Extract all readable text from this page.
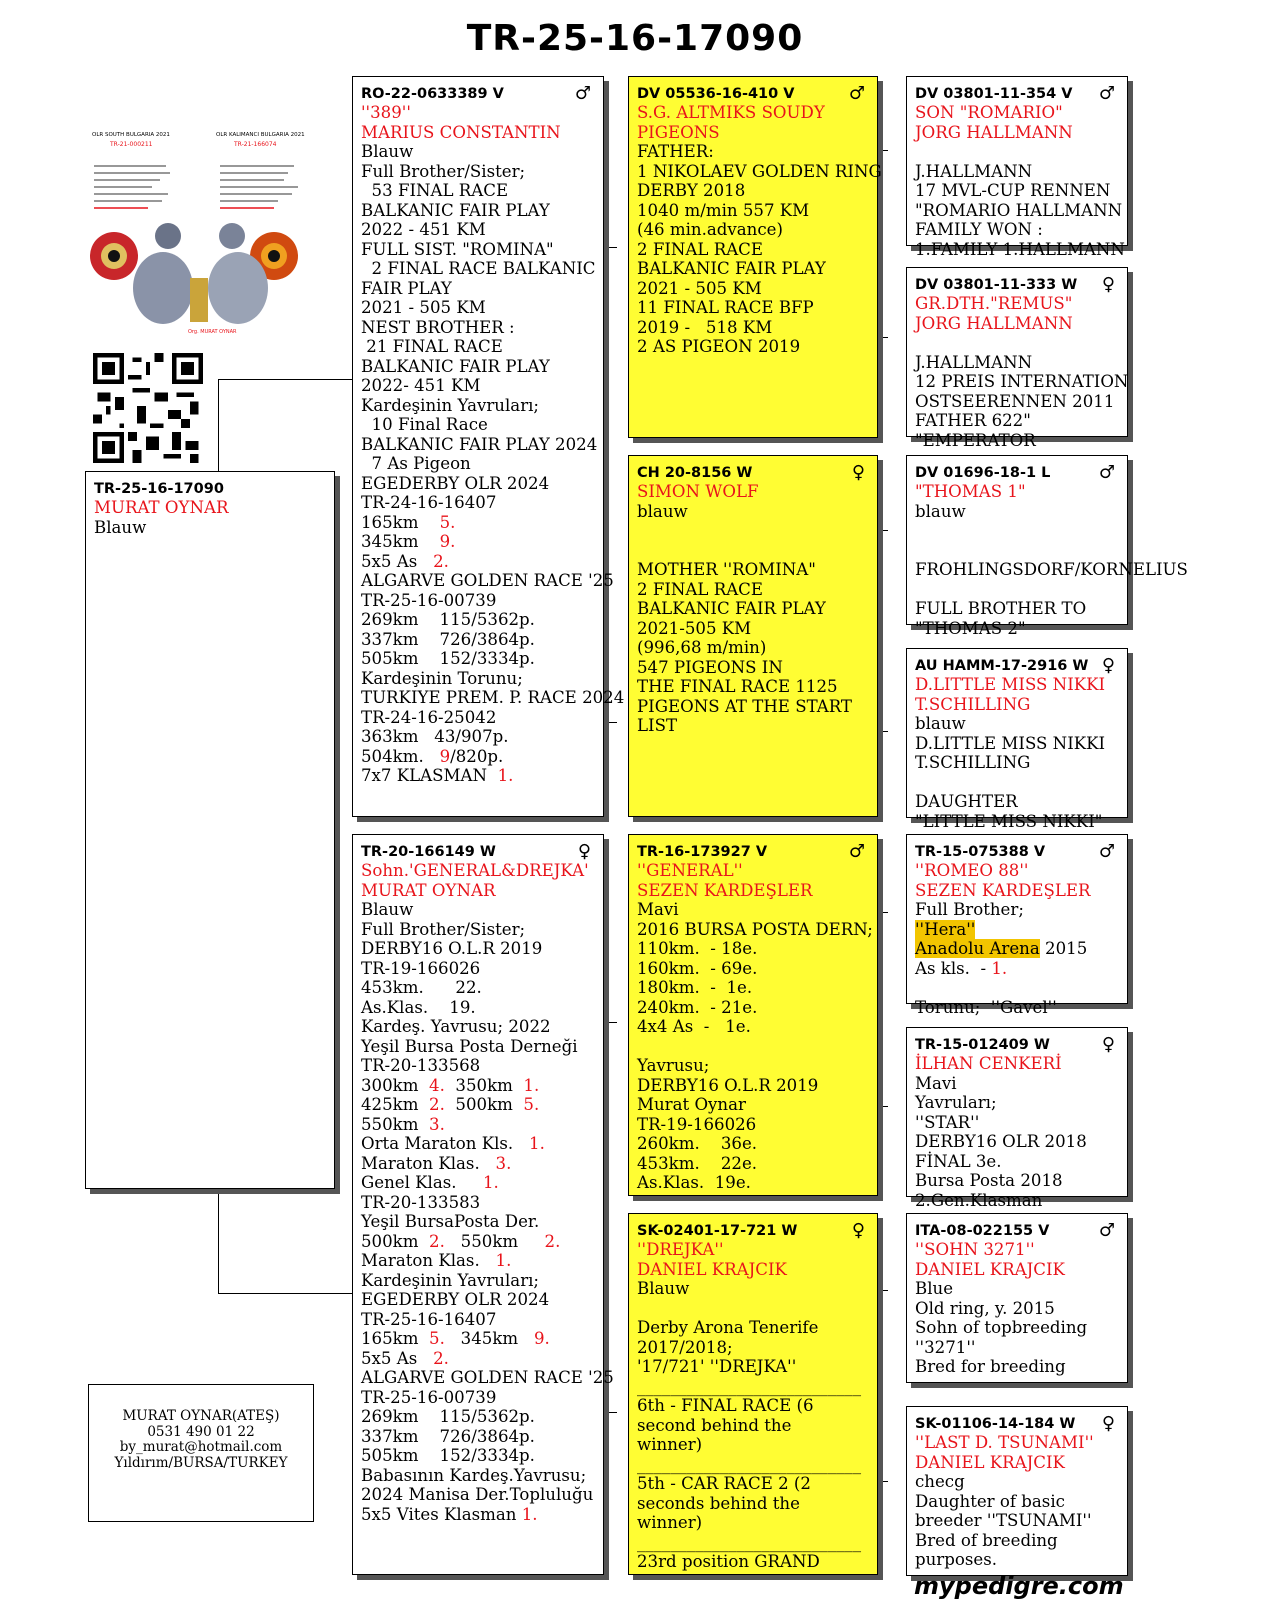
TR-25-16-17090
OLR SOUTH BULGARIA 2021
TR-21-000211
OLR KALIMANCI BULGARIA 2021
TR-21-166074
Org. MURAT OYNAR
TR-25-16-17090
MURAT OYNAR
Blauw
RO-22-0633389 V	♂
''389''
MARIUS CONSTANTIN
Blauw
Full Brother/Sister;
53 FINAL RACE
BALKANIC FAIR PLAY
2022 - 451 KM
FULL SIST. "ROMINA"
2 FINAL RACE BALKANIC
FAIR PLAY
2021 - 505 KM
NEST BROTHER :
21 FINAL RACE
BALKANIC FAIR PLAY
2022- 451 KM
Kardeşinin Yavruları;
10 Final Race
BALKANIC FAIR PLAY 2024
7 As Pigeon
EGEDERBY OLR 2024
TR-24-16-16407
165km    5.
345km    9.
5x5 As   2.
ALGARVE GOLDEN RACE '25
TR-25-16-00739
269km    115/5362p.
337km    726/3864p.
505km    152/3334p.
Kardeşinin Torunu;
TURKIYE PREM. P. RACE 2024
TR-24-16-25042
363km   43/907p.
504km.   9/820p.
7x7 KLASMAN  1.
TR-20-166149 W	♀
Sohn.'GENERAL&DREJKA'
MURAT OYNAR
Blauw
Full Brother/Sister;
DERBY16 O.L.R 2019
TR-19-166026
453km.      22.
As.Klas.    19.
Kardeş. Yavrusu; 2022
Yeşil Bursa Posta Derneği
TR-20-133568
300km  4.  350km  1.
425km  2.  500km  5.
550km  3.
Orta Maraton Kls.   1.
Maraton Klas.   3.
Genel Klas.     1.
TR-20-133583
Yeşil BursaPosta Der.
500km  2.   550km     2.
Maraton Klas.   1.
Kardeşinin Yavruları;
EGEDERBY OLR 2024
TR-25-16-16407
165km  5.   345km   9.
5x5 As   2.
ALGARVE GOLDEN RACE '25
TR-25-16-00739
269km    115/5362p.
337km    726/3864p.
505km    152/3334p.
Babasının Kardeş.Yavrusu;
2024 Manisa Der.Topluluğu
5x5 Vites Klasman 1.
DV 05536-16-410 V	♂
S.G. ALTMIKS SOUDY
PIGEONS
FATHER:
1 NIKOLAEV GOLDEN RING
DERBY 2018
1040 m/min 557 KM
(46 min.advance)
2 FINAL RACE
BALKANIC FAIR PLAY
2021 - 505 KM
11 FINAL RACE BFP
2019 -   518 KM
2 AS PIGEON 2019
CH 20-8156 W	♀
SIMON WOLF
blauw

MOTHER ''ROMINA"
2 FINAL RACE
BALKANIC FAIR PLAY
2021-505 KM
(996,68 m/min)
547 PIGEONS IN
THE FINAL RACE 1125
PIGEONS AT THE START
LIST
TR-16-173927 V	♂
''GENERAL''
SEZEN KARDEŞLER
Mavi
2016 BURSA POSTA DERN;
110km.  - 18e.
160km.  - 69e.
180km.  -  1e.
240km.  - 21e.
4x4 As  -   1e.

Yavrusu;
DERBY16 O.L.R 2019
Murat Oynar
TR-19-166026
260km.    36e.
453km.    22e.
As.Klas.  19e.
SK-02401-17-721 W	♀
''DREJKA''
DANIEL KRAJCIK
Blauw

Derby Arona Tenerife
2017/2018;
'17/721' ''DREJKA''
___________________________
6th - FINAL RACE (6
second behind the
winner)
___________________________
5th - CAR RACE 2 (2
seconds behind the
winner)
___________________________
23rd position GRAND
DV 03801-11-354 V	♂
SON "ROMARIO"
JORG HALLMANN

J.HALLMANN
17 MVL-CUP RENNEN
"ROMARIO HALLMANN
FAMILY WON :
1.FAMILY 1.HALLMANN
DV 03801-11-333 W	♀
GR.DTH."REMUS"
JORG HALLMANN

J.HALLMANN
12 PREIS INTERNATION
OSTSEERENNEN 2011
FATHER 622"
"EMPERATOR
DV 01696-18-1 L	♂
"THOMAS 1"
blauw

FROHLINGSDORF/KORNELIUS

FULL BROTHER TO
"THOMAS 2"
AU HAMM-17-2916 W ♀
D.LITTLE MISS NIKKI
T.SCHILLING
blauw
D.LITTLE MISS NIKKI
T.SCHILLING

DAUGHTER
"LITTLE MISS NIKKI"
TR-15-075388 V	♂
''ROMEO 88''
SEZEN KARDEŞLER
Full Brother;
''Hera''
Anadolu Arena 2015
As kls.  - 1.

Torunu;  ''Gavel''
TR-15-012409 W	♀
İLHAN CENKERİ
Mavi
Yavruları;
''STAR''
DERBY16 OLR 2018
FİNAL 3e.
Bursa Posta 2018
2.Gen.Klasman
ITA-08-022155 V	♂
''SOHN 3271''
DANIEL KRAJCIK
Blue
Old ring, y. 2015
Sohn of topbreeding
''3271''
Bred for breeding
SK-01106-14-184 W	♀
''LAST D. TSUNAMI''
DANIEL KRAJCIK
checg
Daughter of basic
breeder ''TSUNAMI''
Bred of breeding
purposes.
MURAT OYNAR(ATEŞ)
0531 490 01 22
by_murat@hotmail.com
Yıldırım/BURSA/TURKEY
mypedigre.com
